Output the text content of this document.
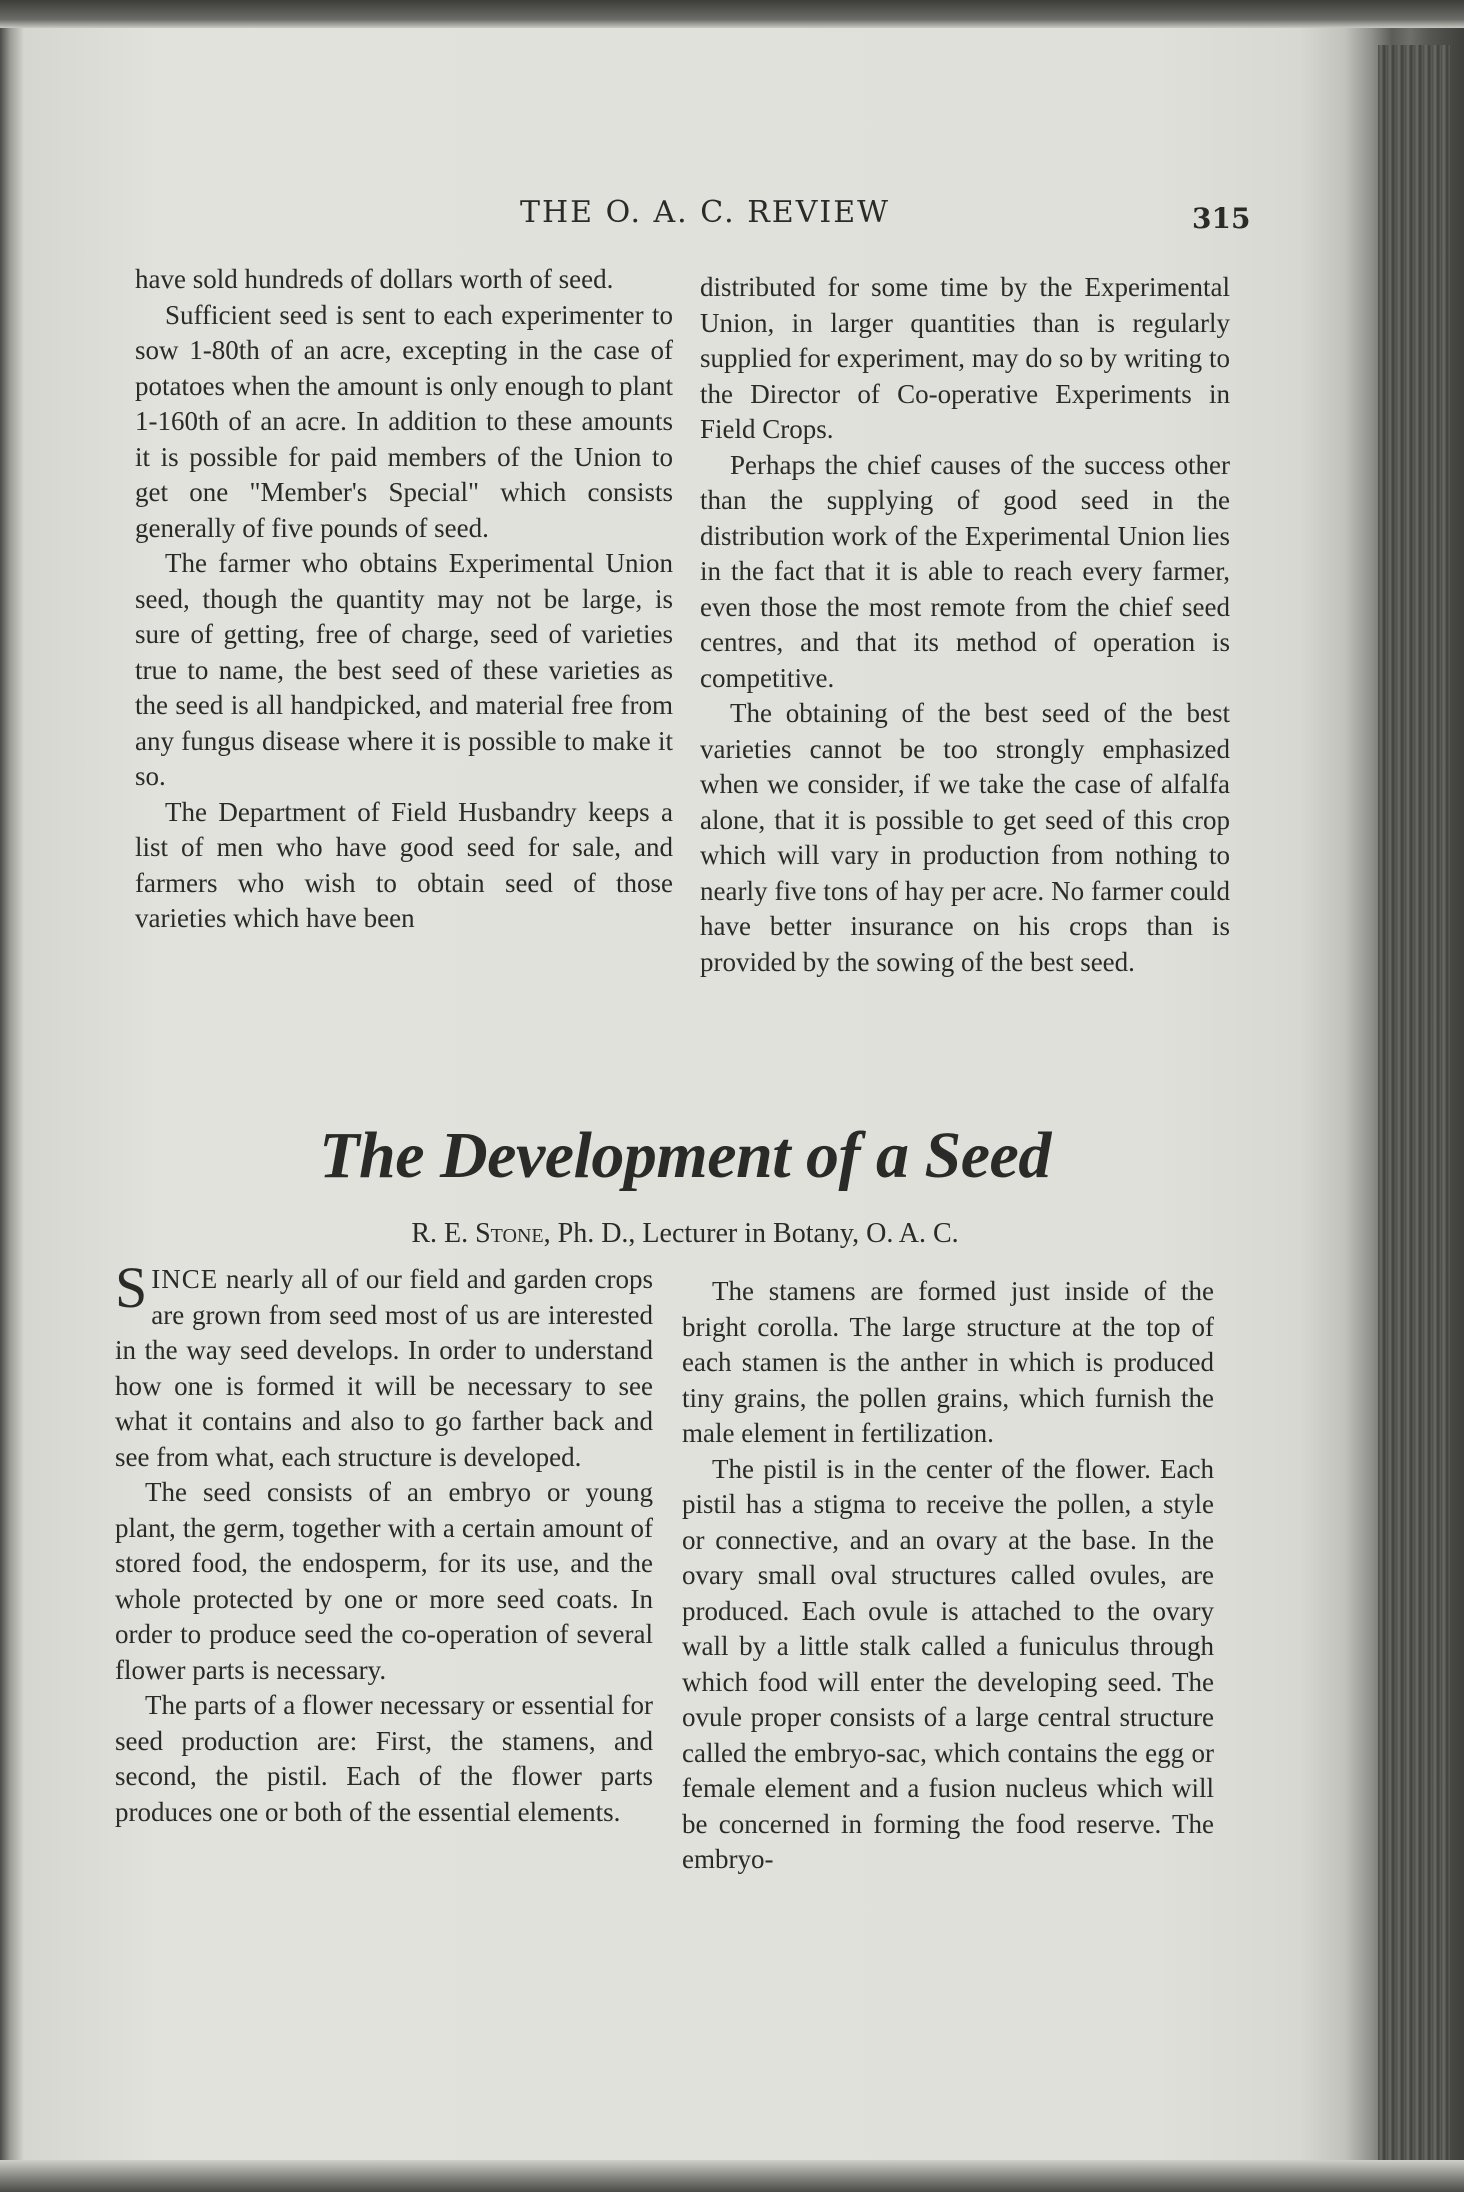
THE O. A. C. REVIEW	315

have sold hundreds of dollars worth of seed.

Sufficient seed is sent to each experimenter to sow 1-80th of an acre, excepting in the case of potatoes when the amount is only enough to plant 1-160th of an acre. In addition to these amounts it is possible for paid members of the Union to get one "Member's Special" which consists generally of five pounds of seed.

The farmer who obtains Experimental Union seed, though the quantity may not be large, is sure of getting, free of charge, seed of varieties true to name, the best seed of these varieties as the seed is all handpicked, and material free from any fungus disease where it is possible to make it so.

The Department of Field Husbandry keeps a list of men who have good seed for sale, and farmers who wish to obtain seed of those varieties which have been

distributed for some time by the Experimental Union, in larger quantities than is regularly supplied for experiment, may do so by writing to the Director of Co-operative Experiments in Field Crops.

Perhaps the chief causes of the success other than the supplying of good seed in the distribution work of the Experimental Union lies in the fact that it is able to reach every farmer, even those the most remote from the chief seed centres, and that its method of operation is competitive.

The obtaining of the best seed of the best varieties cannot be too strongly emphasized when we consider, if we take the case of alfalfa alone, that it is possible to get seed of this crop which will vary in production from nothing to nearly five tons of hay per acre. No farmer could have better insurance on his crops than is provided by the sowing of the best seed.

The Development of a Seed
R. E. Stone, Ph. D., Lecturer in Botany, O. A. C.

SINCE nearly all of our field and garden crops are grown from seed most of us are interested in the way seed develops. In order to understand how one is formed it will be necessary to see what it contains and also to go farther back and see from what, each structure is developed.

The seed consists of an embryo or young plant, the germ, together with a certain amount of stored food, the endosperm, for its use, and the whole protected by one or more seed coats. In order to produce seed the co-operation of several flower parts is necessary.

The parts of a flower necessary or essential for seed production are: First, the stamens, and second, the pistil. Each of the flower parts produces one or both of the essential elements.

The stamens are formed just inside of the bright corolla. The large structure at the top of each stamen is the anther in which is produced tiny grains, the pollen grains, which furnish the male element in fertilization.

The pistil is in the center of the flower. Each pistil has a stigma to receive the pollen, a style or connective, and an ovary at the base. In the ovary small oval structures called ovules, are produced. Each ovule is attached to the ovary wall by a little stalk called a funiculus through which food will enter the developing seed. The ovule proper consists of a large central structure called the embryo-sac, which contains the egg or female element and a fusion nucleus which will be concerned in forming the food reserve. The embryo-
